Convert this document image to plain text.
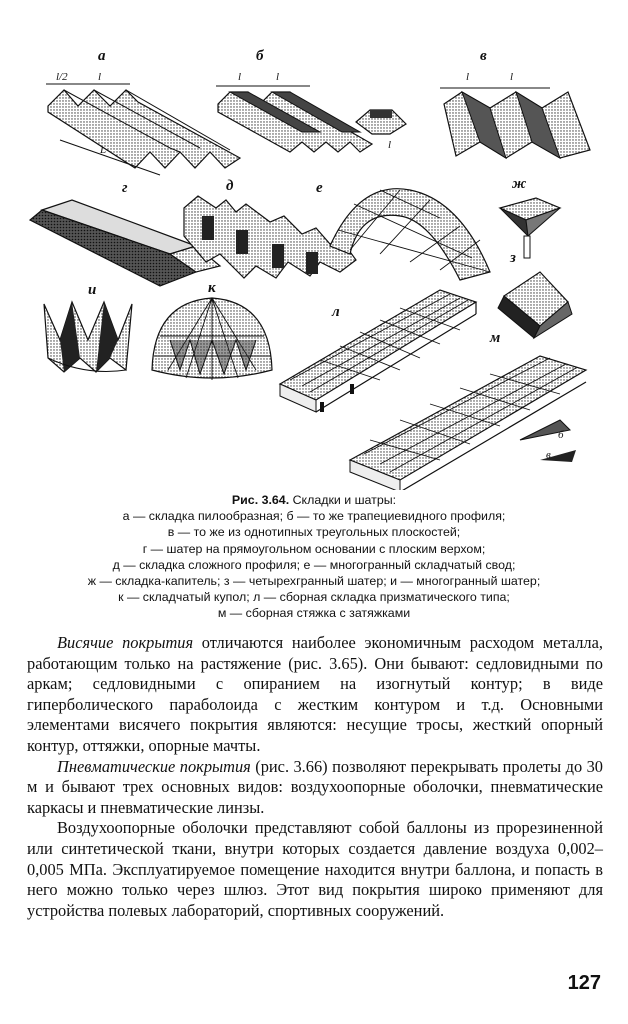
а
l/2	l
L
б
l	l
l
в
l	l
г	д	е	ж
з
и	к
л
м
б
в
Рис. 3.64. Складки и шатры:
а — складка пилообразная; б — то же трапециевидного профиля;
в — то же из однотипных треугольных плоскостей;
г — шатер на прямоугольном основании с плоским верхом;
д — складка сложного профиля; е — многогранный складчатый свод;
ж — складка-капитель; з — четырехгранный шатер; и — многогранный шатер;
к — складчатый купол; л — сборная складка призматического типа;
м — сборная стяжка с затяжками

Висячие покрытия отличаются наиболее экономичным расходом металла, работающим только на растяжение (рис. 3.65). Они бывают: седловидными по аркам; седловидными с опиранием на изогнутый контур; в виде гиперболического параболоида с жестким контуром и т.д. Основными элементами висячего покрытия являются: несущие тросы, жесткий опорный контур, оттяжки, опорные мачты.

Пневматические покрытия (рис. 3.66) позволяют перекрывать пролеты до 30 м и бывают трех основных видов: воздухоопорные оболочки, пневматические каркасы и пневматические линзы.

Воздухоопорные оболочки представляют собой баллоны из прорезиненной или синтетической ткани, внутри которых создается давление воздуха 0,002–0,005 МПа. Эксплуатируемое помещение находится внутри баллона, и попасть в него можно только через шлюз. Этот вид покрытия широко применяют для устройства полевых лабораторий, спортивных сооружений.

127
